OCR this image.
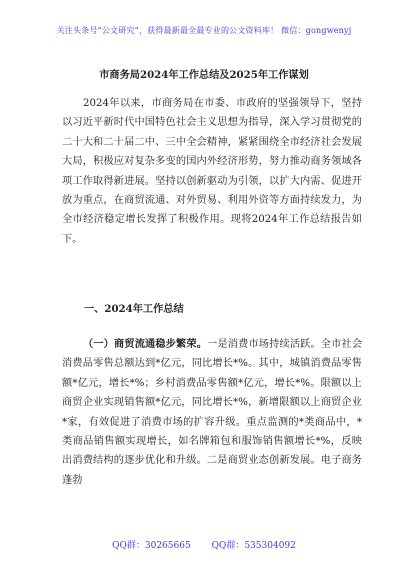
关注头条号“公文研究”，获得最新最全最专业的公文资料库！ 微信：gongwenyj
市商务局2024年工作总结及2025年工作谋划

2024年以来，市商务局在市委、市政府的坚强领导下，坚持以习近平新时代中国特色社会主义思想为指导，深入学习贯彻党的二十大和二十届二中、三中全会精神，紧紧围绕全市经济社会发展大局，积极应对复杂多变的国内外经济形势，努力推动商务领域各项工作取得新进展。坚持以创新驱动为引领，以扩大内需、促进开放为重点，在商贸流通、对外贸易、利用外资等方面持续发力，为全市经济稳定增长发挥了积极作用。现将2024年工作总结报告如下。

一、2024年工作总结

（一）商贸流通稳步繁荣。一是消费市场持续活跃。全市社会消费品零售总额达到*亿元，同比增长*%。其中，城镇消费品零售额*亿元，增长*%；乡村消费品零售额*亿元，增长*%。限额以上商贸企业实现销售额*亿元，同比增长*%，新增限额以上商贸企业*家，有效促进了消费市场的扩容升级。重点监测的*类商品中，*类商品销售额实现增长，如名牌箱包和服饰销售额增长*%，反映出消费结构的逐步优化和升级。二是商贸业态创新发展。电子商务蓬勃

QQ群：30265665 QQ群：535304092
